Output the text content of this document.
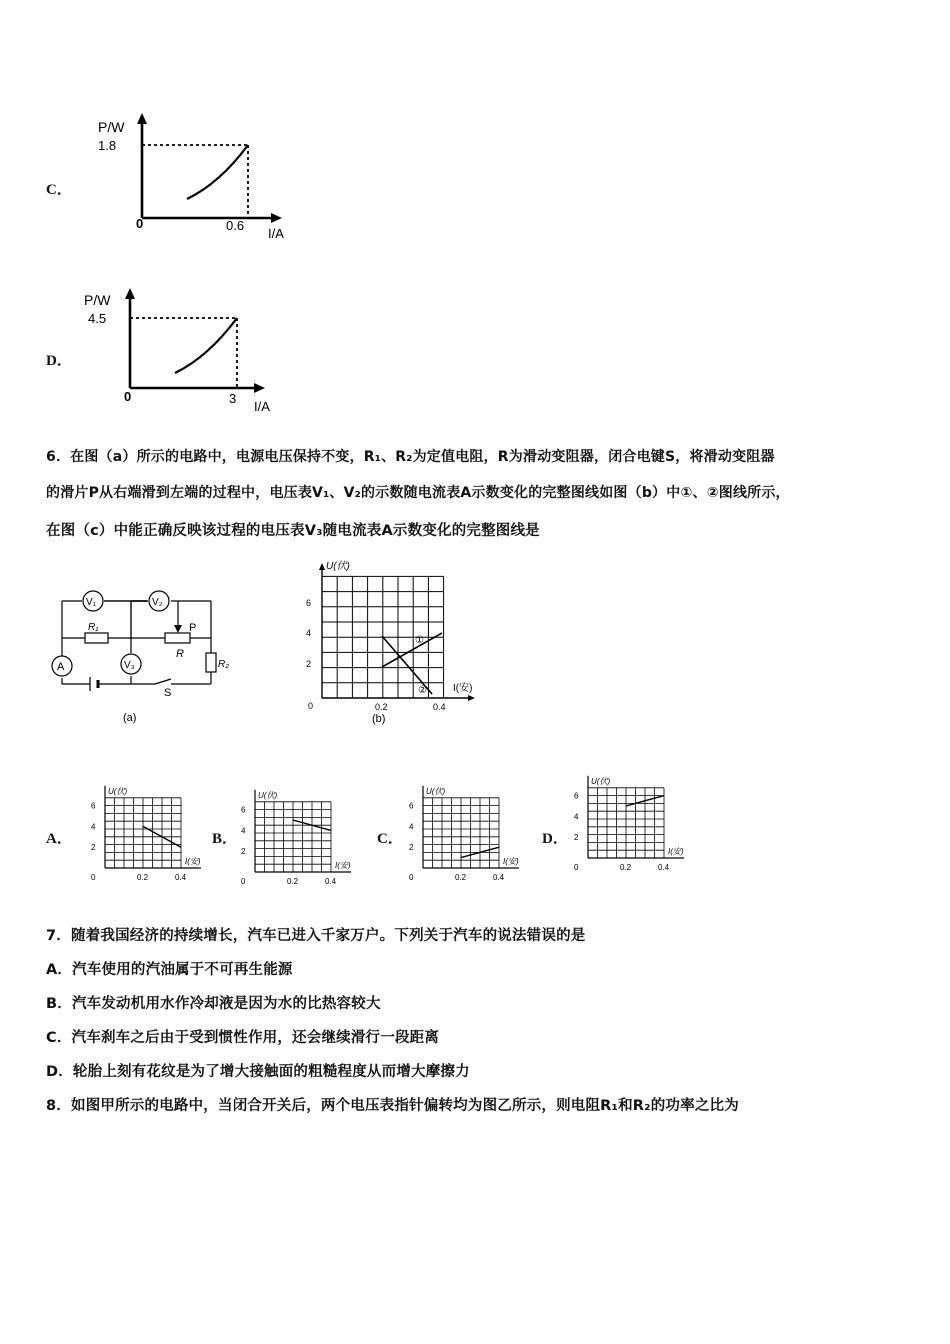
C．
P/W
1.8
0	0.6
I/A
D．
P/W
4.5
0	3
I/A
6．在图（a）所示的电路中，电源电压保持不变，R₁、R₂为定值电阻，R为滑动变阻器，闭合电键S，将滑动变阻器
的滑片P从右端滑到左端的过程中，电压表V₁、V₂的示数随电流表A示数变化的完整图线如图（b）中①、②图线所示，
在图（c）中能正确反映该过程的电压表V₃随电流表A示数变化的完整图线是
V₁	V₂
V₃
A
R₁
R
P
R₂
S
(a)
①
②
U(伏)
I(安)
6
4
2
0	0.2	0.4
(b)
A．	B．	C．	D．
U(伏)
I(安)
6
4
2
0	0.2	0.4
U(伏)
I(安)
6
4
2
0	0.2	0.4
U(伏)
I(安)
6
4
2
0	0.2	0.4
U(伏)
I(安)
6
4
2
0	0.2	0.4
7．随着我国经济的持续增长，汽车已进入千家万户。下列关于汽车的说法错误的是
A．汽车使用的汽油属于不可再生能源
B．汽车发动机用水作冷却液是因为水的比热容较大
C．汽车刹车之后由于受到惯性作用，还会继续滑行一段距离
D．轮胎上刻有花纹是为了增大接触面的粗糙程度从而增大摩擦力
8．如图甲所示的电路中，当闭合开关后，两个电压表指针偏转均为图乙所示，则电阻R₁和R₂的功率之比为
